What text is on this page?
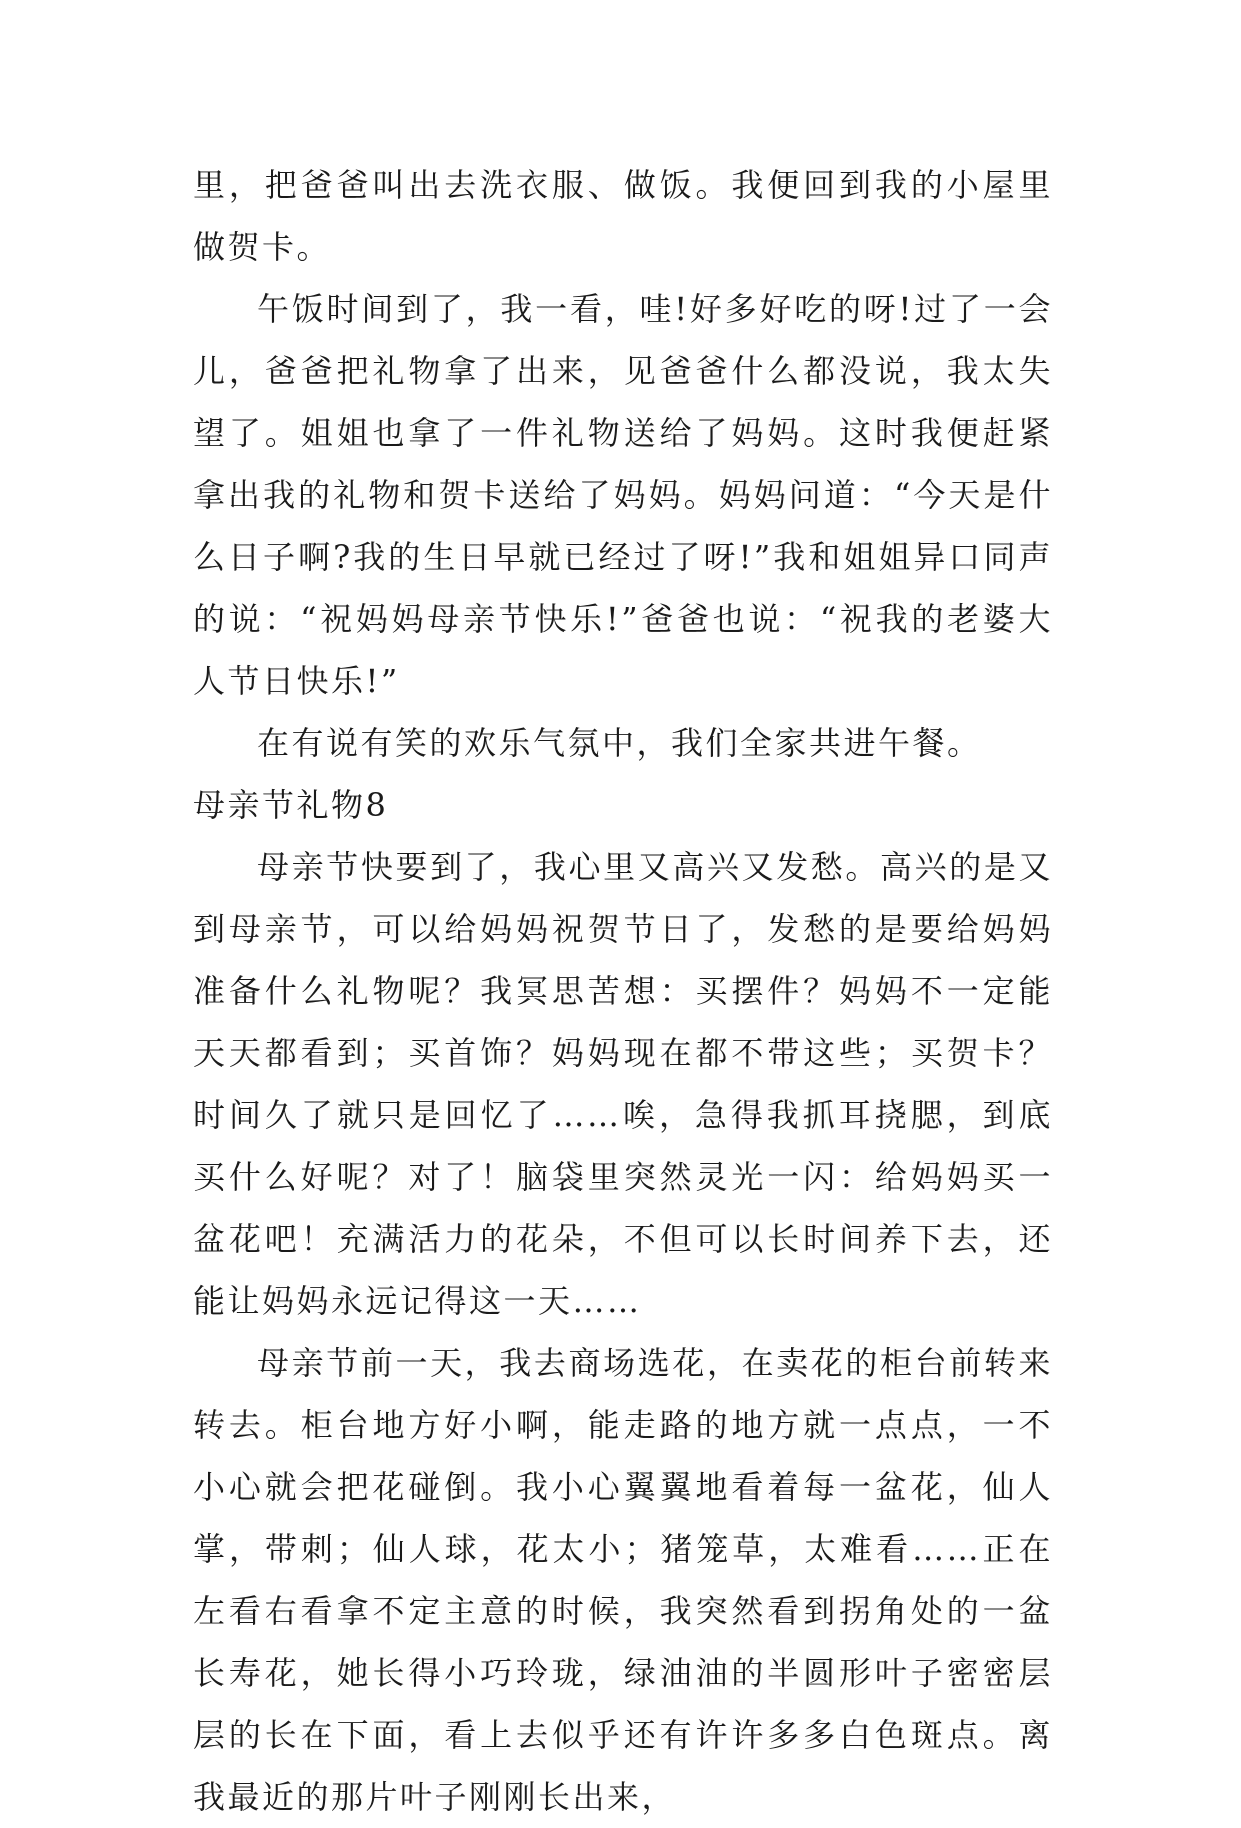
里，把爸爸叫出去洗衣服、做饭。我便回到我的小屋里做贺卡。

午饭时间到了，我一看，哇!好多好吃的呀!过了一会儿，爸爸把礼物拿了出来，见爸爸什么都没说，我太失望了。姐姐也拿了一件礼物送给了妈妈。这时我便赶紧拿出我的礼物和贺卡送给了妈妈。妈妈问道：“今天是什么日子啊?我的生日早就已经过了呀!”我和姐姐异口同声的说：“祝妈妈母亲节快乐!”爸爸也说：“祝我的老婆大人节日快乐!”

在有说有笑的欢乐气氛中，我们全家共进午餐。

母亲节礼物8

母亲节快要到了，我心里又高兴又发愁。高兴的是又到母亲节，可以给妈妈祝贺节日了，发愁的是要给妈妈准备什么礼物呢？我冥思苦想：买摆件？妈妈不一定能天天都看到；买首饰？妈妈现在都不带这些；买贺卡？时间久了就只是回忆了……唉，急得我抓耳挠腮，到底买什么好呢？对了！脑袋里突然灵光一闪：给妈妈买一盆花吧！充满活力的花朵，不但可以长时间养下去，还能让妈妈永远记得这一天……

母亲节前一天，我去商场选花，在卖花的柜台前转来转去。柜台地方好小啊，能走路的地方就一点点，一不小心就会把花碰倒。我小心翼翼地看着每一盆花，仙人掌，带刺；仙人球，花太小；猪笼草，太难看……正在左看右看拿不定主意的时候，我突然看到拐角处的一盆长寿花，她长得小巧玲珑，绿油油的半圆形叶子密密层层的长在下面，看上去似乎还有许许多多白色斑点。离我最近的那片叶子刚刚长出来，
